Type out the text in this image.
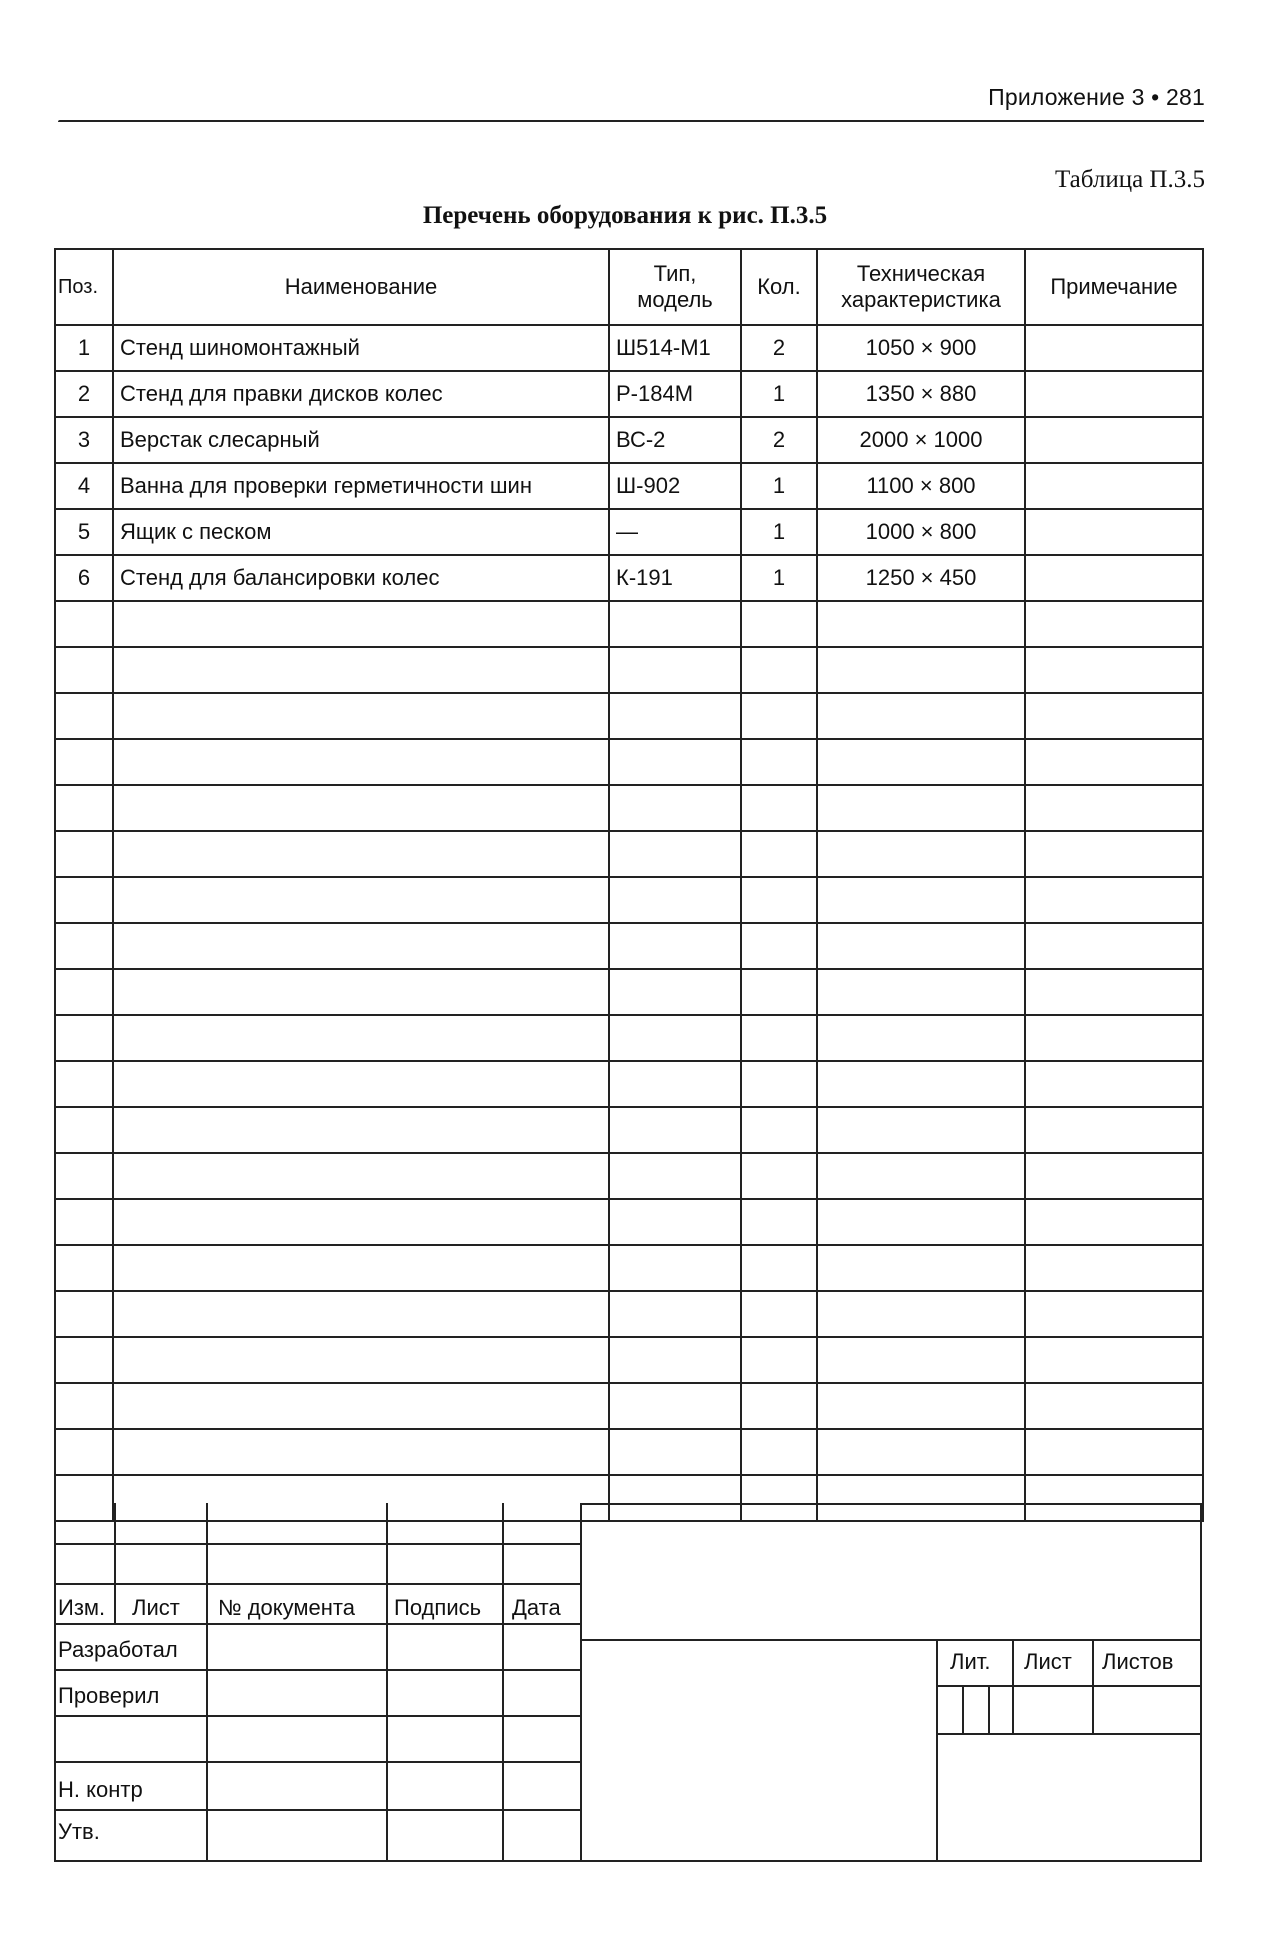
Приложение 3 • 281
Таблица П.3.5
Перечень оборудования к рис. П.3.5
Поз.	Наименование	Тип, модель	Кол.	Техническая характеристика	Примечание
1	Стенд шиномонтажный	Ш514-М1	2	1050 × 900	
2	Стенд для правки дисков колес	Р-184М	1	1350 × 880	
3	Верстак слесарный	ВС-2	2	2000 × 1000	
4	Ванна для проверки герметичности шин	Ш-902	1	1100 × 800	
5	Ящик с песком	—	1	1000 × 800	
6	Стенд для балансировки колес	К-191	1	1250 × 450	

Изм. Лист № документа Подпись Дата
Разработал
Проверил
Н. контр
Утв.
Лит. Лист Листов
